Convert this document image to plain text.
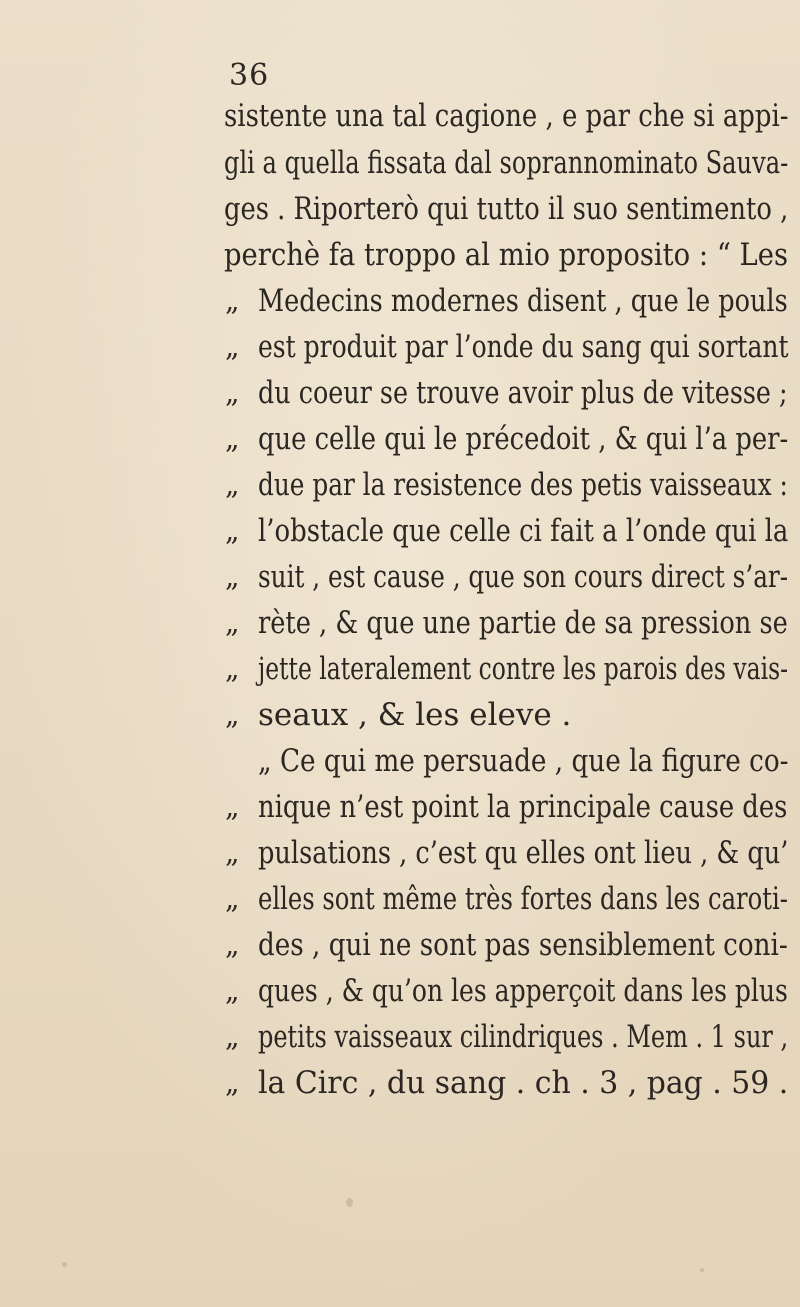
36
sistente una tal cagione , e par che si appi-
gli a quella fissata dal soprannominato Sauva-
ges . Riporterò qui tutto il suo sentimento ,
perchè fa troppo al mio proposito : “ Les
„ Medecins modernes disent , que le pouls
„ est produit par l’onde du sang qui sortant
„ du coeur se trouve avoir plus de vitesse ;
„ que celle qui le précedoit , & qui l’a per-
„ due par la resistence des petis vaisseaux :
„ l’obstacle que celle ci fait a l’onde qui la
„ suit , est cause , que son cours direct s’ar-
„ rète , & que une partie de sa pression se
„ jette lateralement contre les parois des vais-
„ seaux , & les eleve .
„ Ce qui me persuade , que la figure co-
„ nique n’est point la principale cause des
„ pulsations , c’est qu elles ont lieu , & qu’
„ elles sont même très fortes dans les caroti-
„ des , qui ne sont pas sensiblement coni-
„ ques , & qu’on les apperçoit dans les plus
„ petits vaisseaux cilindriques . Mem . 1 sur ,
„ la Circ , du sang . ch . 3 , pag . 59 .
